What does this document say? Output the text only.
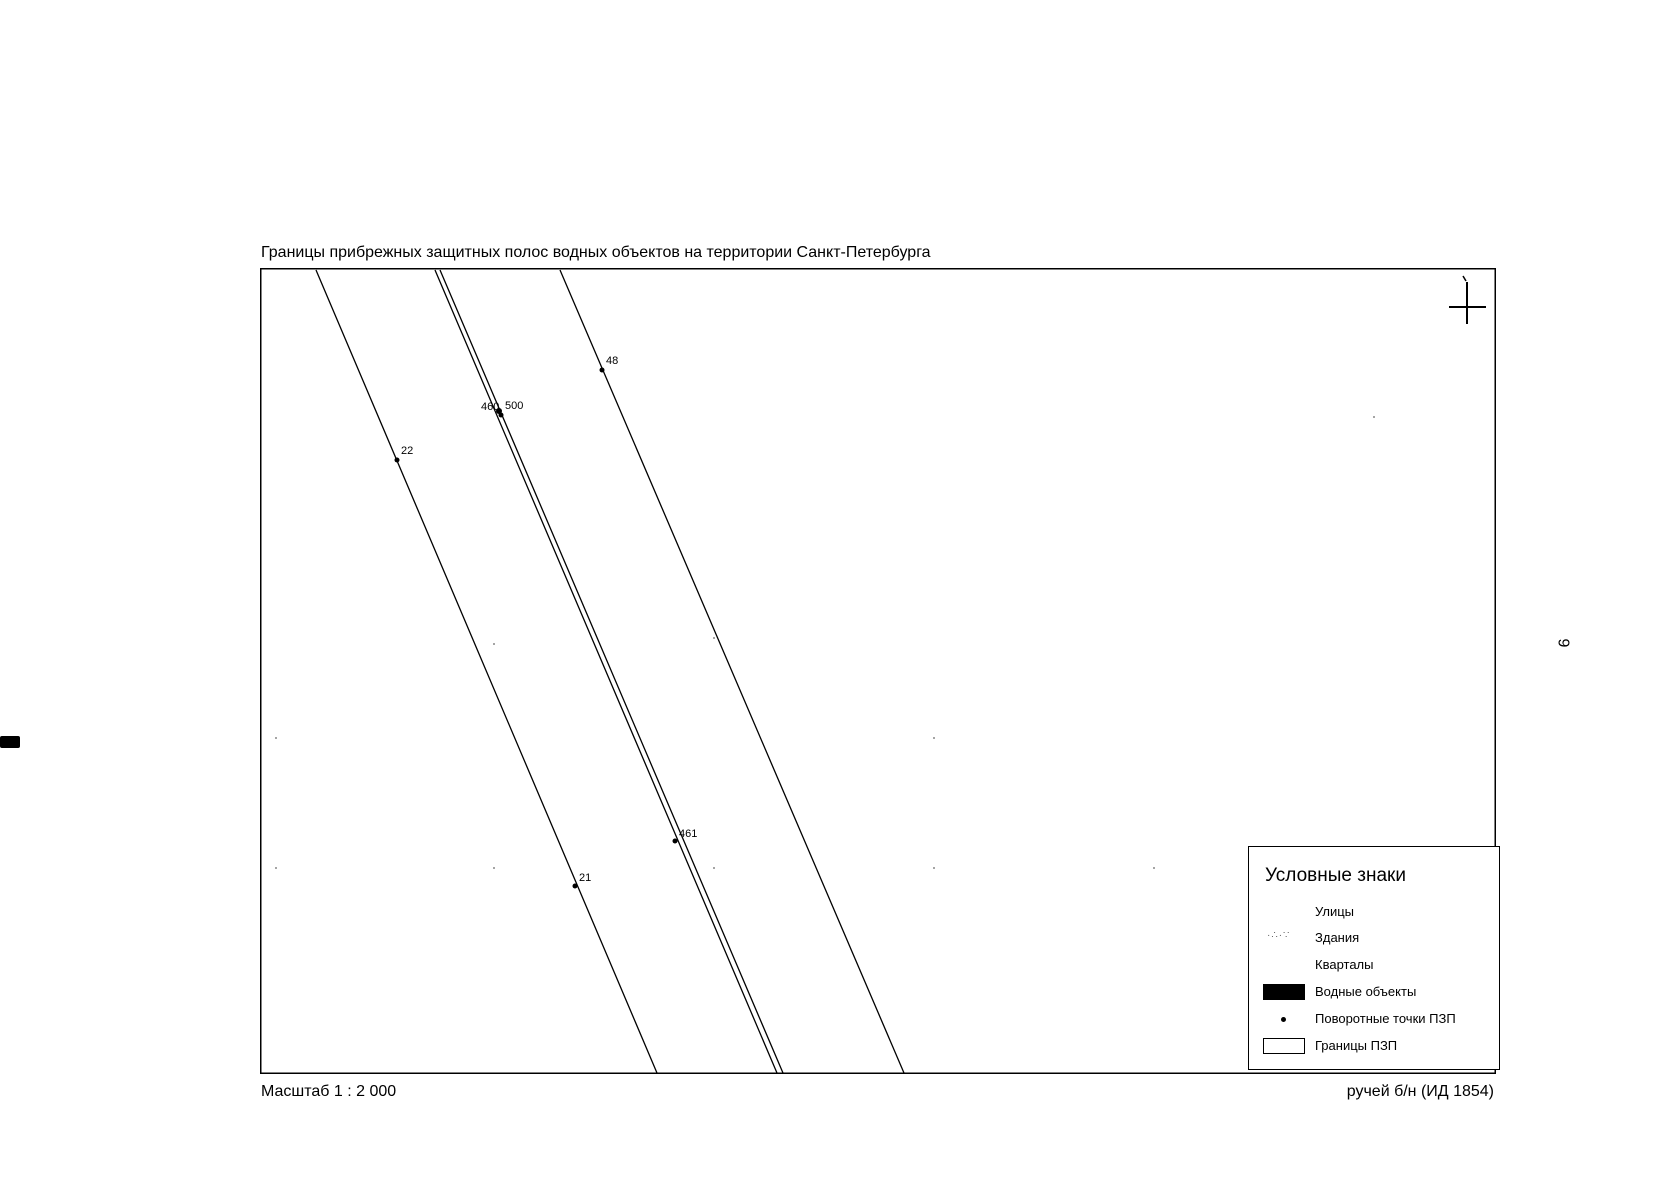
Границы прибрежных защитных полос водных объектов на территории Санкт-Петербурга
48
460 500
22
461
21	Условные знаки
Улицы
·∴·∵ Здания
Кварталы
Водные объекты
Поворотные точки ПЗП
Границы ПЗП
Масштаб 1 : 2 000	ручей б/н (ИД 1854)
9
